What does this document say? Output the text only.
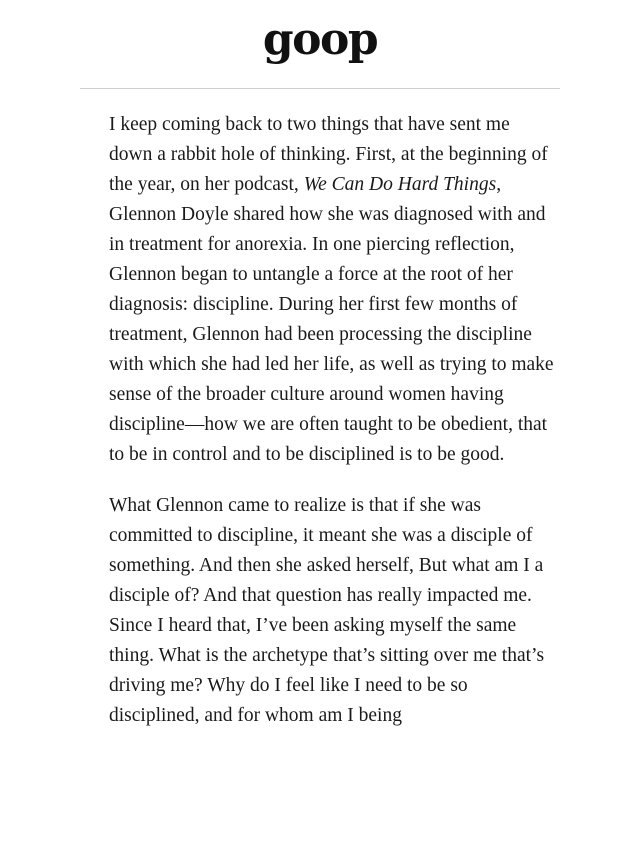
goop

I keep coming back to two things that have sent me down a rabbit hole of thinking. First, at the beginning of the year, on her podcast, We Can Do Hard Things, Glennon Doyle shared how she was diagnosed with and in treatment for anorexia. In one piercing reflection, Glennon began to untangle a force at the root of her diagnosis: discipline. During her first few months of treatment, Glennon had been processing the discipline with which she had led her life, as well as trying to make sense of the broader culture around women having discipline—how we are often taught to be obedient, that to be in control and to be disciplined is to be good.

What Glennon came to realize is that if she was committed to discipline, it meant she was a disciple of something. And then she asked herself, But what am I a disciple of? And that question has really impacted me. Since I heard that, I’ve been asking myself the same thing. What is the archetype that’s sitting over me that’s driving me? Why do I feel like I need to be so disciplined, and for whom am I being
